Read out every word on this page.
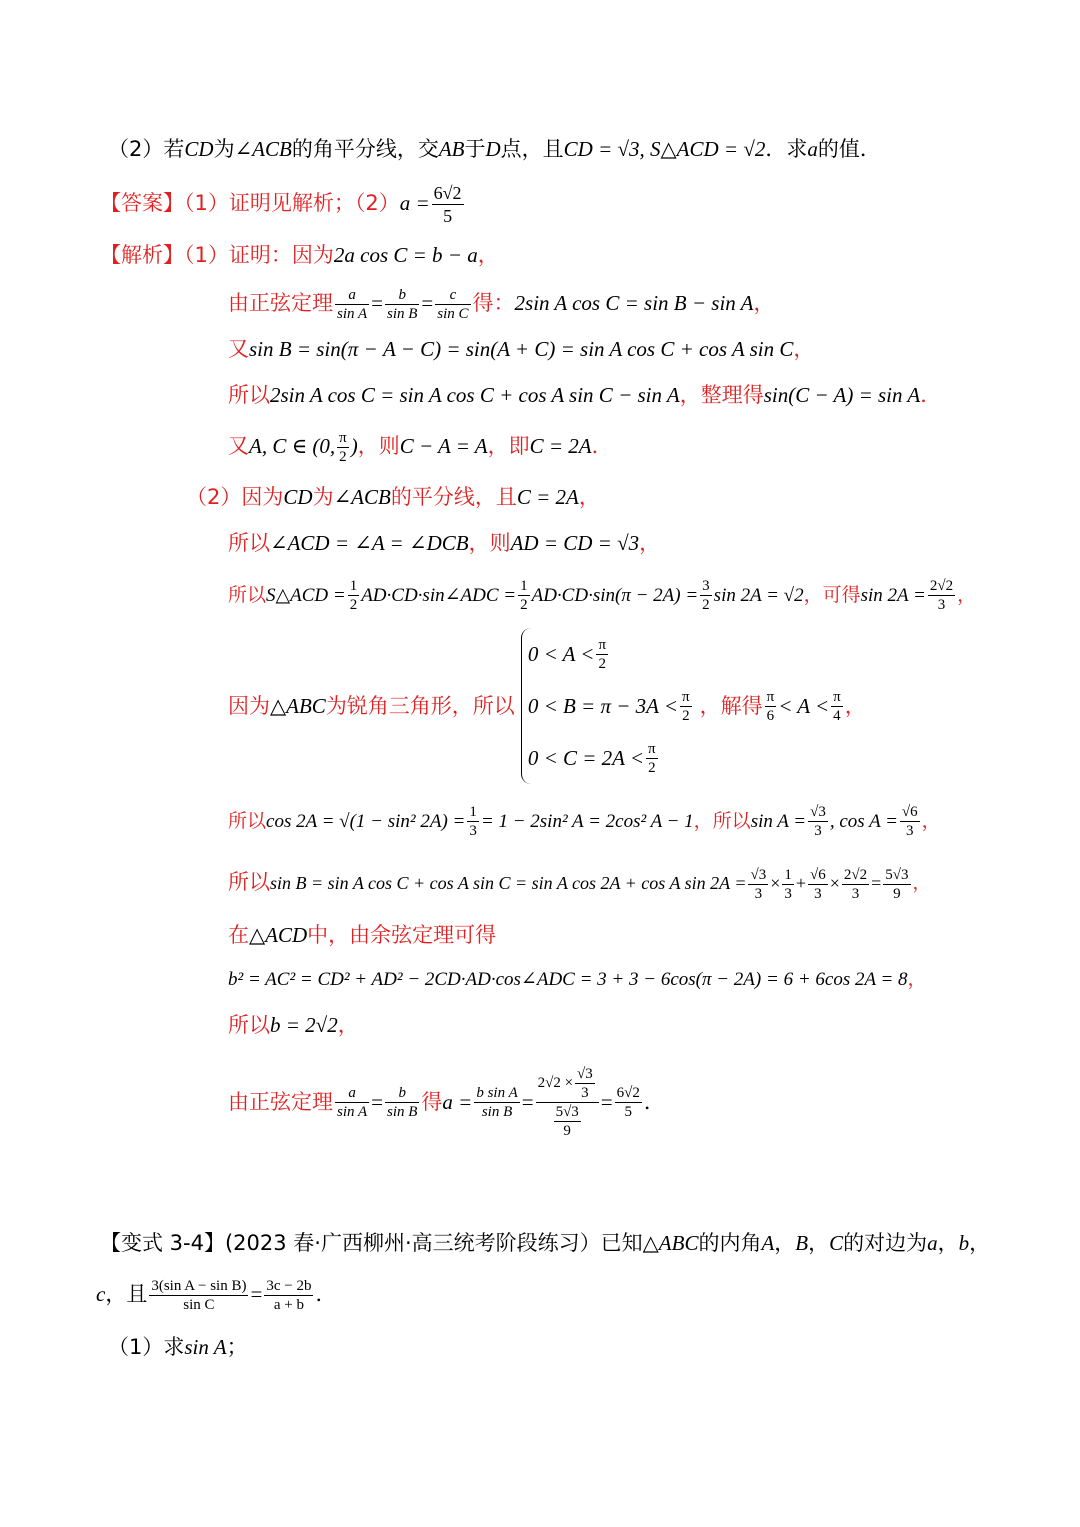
（2）若CD为∠ACB的角平分线，交AB于D点，且CD = √3, S△ACD = √2．求a的值．
【答案】（1）证明见解析；$(2)a = \frac{6√2}{5}$
【解析】（1）证明：因为2a cos C = b − a，
由正弦定理 $\frac{a}{\text{sin A}} = \frac{b}{\text{sin B}} = \frac{c}{\text{sin C}}$ 得：2sin A cos C = sin B − sin A，
又sin B = sin(π − A − C) = sin(A + C) = sin A cos C + cos A sin C，
所以2sin A cos C = sin A cos C + cos A sin C − sin A，整理得sin(C − A) = sin A．
又A, C ∈ (0, $\frac{\pi}{2}$ )，则C − A = A，即C = 2A．
（2）因为CD为∠ACB的平分线，且C = 2A，
所以∠ACD = ∠A = ∠DCB，则AD = CD = √3，
所以S△ACD = $\frac{1}{2}$ AD·CD·sin∠ADC = $\frac{1}{2} AD\cdot CD\cdot\sin(\pi - 2A) = \frac{3}{2}$ sin 2A = √2，可得$\sin 2A = \frac{2√2}{3}$ ，
因为 △ABC 为锐角三角形，所以
$0 < A < \frac{\pi}{2}$
$0 < B = \pi - 3A < \frac{\pi}{2}$
$0 < C = 2A < \frac{\pi}{2}$
，解得 $\frac{\pi}{6} < A < \frac{\pi}{4}$ ，
所以cos 2A = √(1 − sin² $2A) = \frac{1}{3} = 1 - 2\sin^2$ A = 2cos² A − 1，所以$\sin A = \frac{√3}{3}$ , $\cos A = \frac{√6}{3}$ ，
所以sin B = sin A cos C + cos A sin C = sin A cos 2A + cos A $\sin 2A = \frac{√3}{3} \times \frac{1}{3} + \frac{√6}{3} \times \frac{2√2}{3} = \frac{5√3}{9}$ ，
在△ACD中，由余弦定理可得
b² = AC² = CD² + AD² − 2CD·AD·cos∠ADC = 3 + 3 − 6cos(π − 2A) = 6 + 6cos 2A = 8，
所以b = 2√2，
由正弦定理 $\frac{a}{\text{sin A}} = \frac{b}{\text{sin B}}$ 得 $a = \frac{\text{b sin A}}{\text{sin B}} = \frac{2√2 \times \frac{√3}{3}}{\frac{5√3}{9}} = \frac{6√2}{5}$ ．
【变式 3-4】(2023 春·广西柳州·高三统考阶段练习）已知△ABC的内角A，B，C的对边为a，b，
c，且 $\frac{\text{3(sin A − sin B)}}{\text{sin C}} = \frac{3c - 2b}{a + b}$ ．
（1）求sin A；
